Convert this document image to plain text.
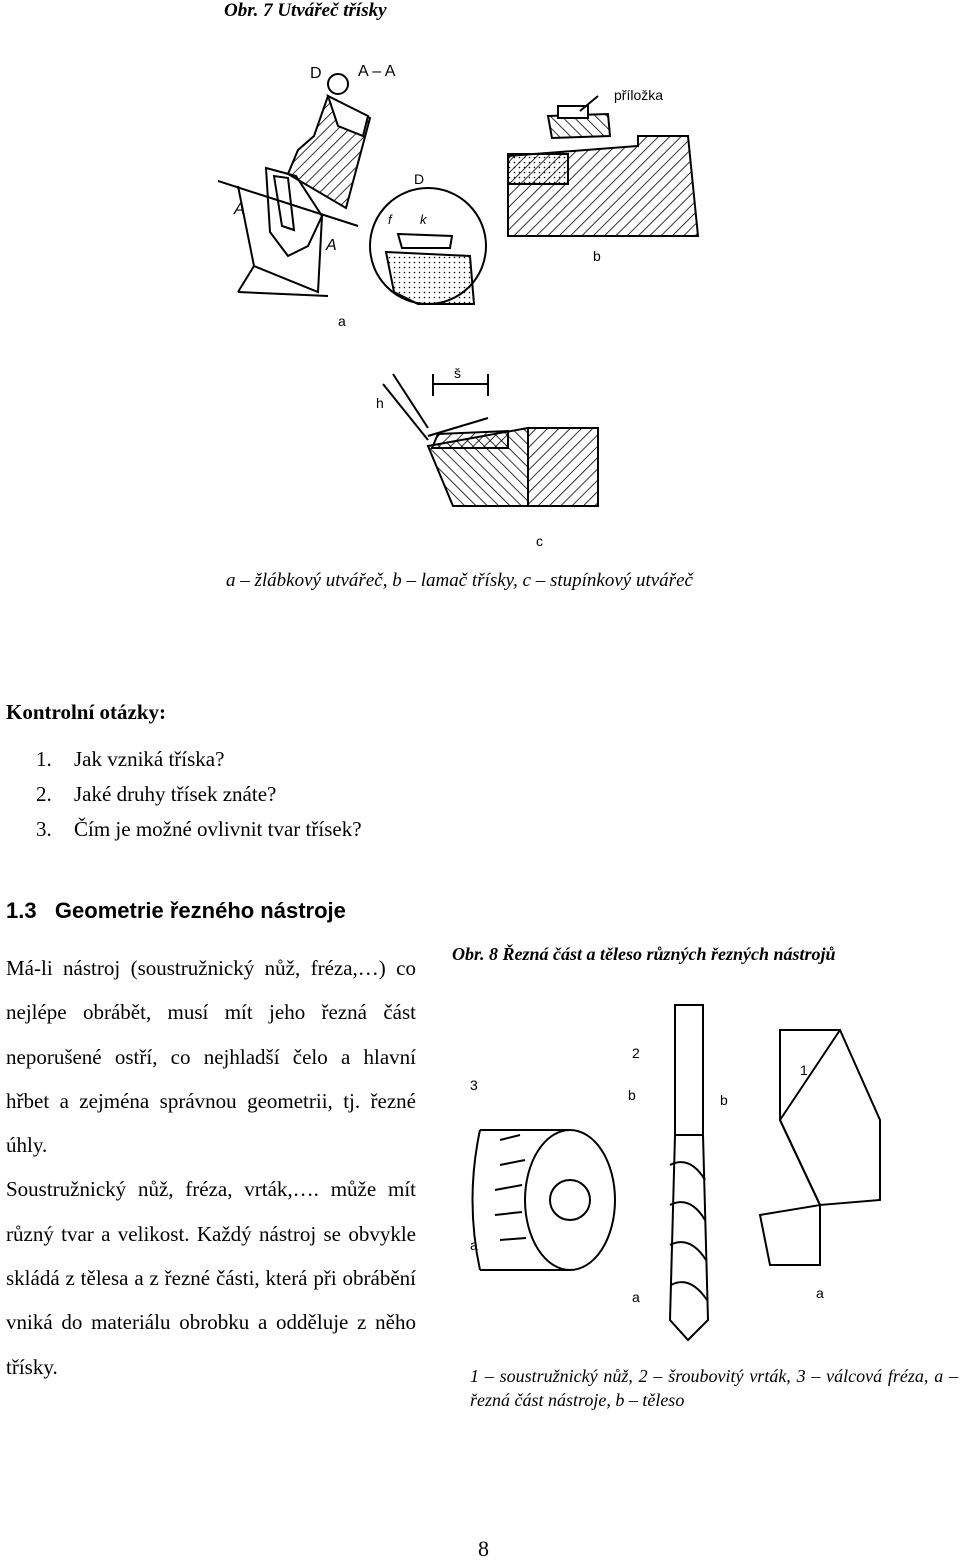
Obr. 7 Utvářeč třísky
D A – A
A
A
a
D
f k
příložka
b
š
h
c
a – žlábkový utvářeč, b – lamač třísky, c – stupínkový utvářeč
Kontrolní otázky:
1.	Jak vzniká tříska?
2.	Jaké druhy třísek znáte?
3.	Čím je možné ovlivnit tvar třísek?
1.3   Geometrie řezného nástroje

Má-li nástroj (soustružnický nůž, fréza,…) co nejlépe obrábět, musí mít jeho řezná část neporušené ostří, co nejhladší čelo a hlavní hřbet a zejména správnou geometrii, tj. řezné úhly.

Soustružnický nůž, fréza, vrták,…. může mít různý tvar a velikost. Každý nástroj se obvykle skládá z tělesa a z řezné části, která při obrábění vniká do materiálu obrobku a odděluje z něho třísky.

Obr. 8 Řezná část a těleso různých řezných nástrojů
3
a
b
2
a
1
b
a
1 – soustružnický nůž, 2 – šroubovitý vrták, 3 – válcová fréza, a – řezná část nástroje, b – těleso
8
